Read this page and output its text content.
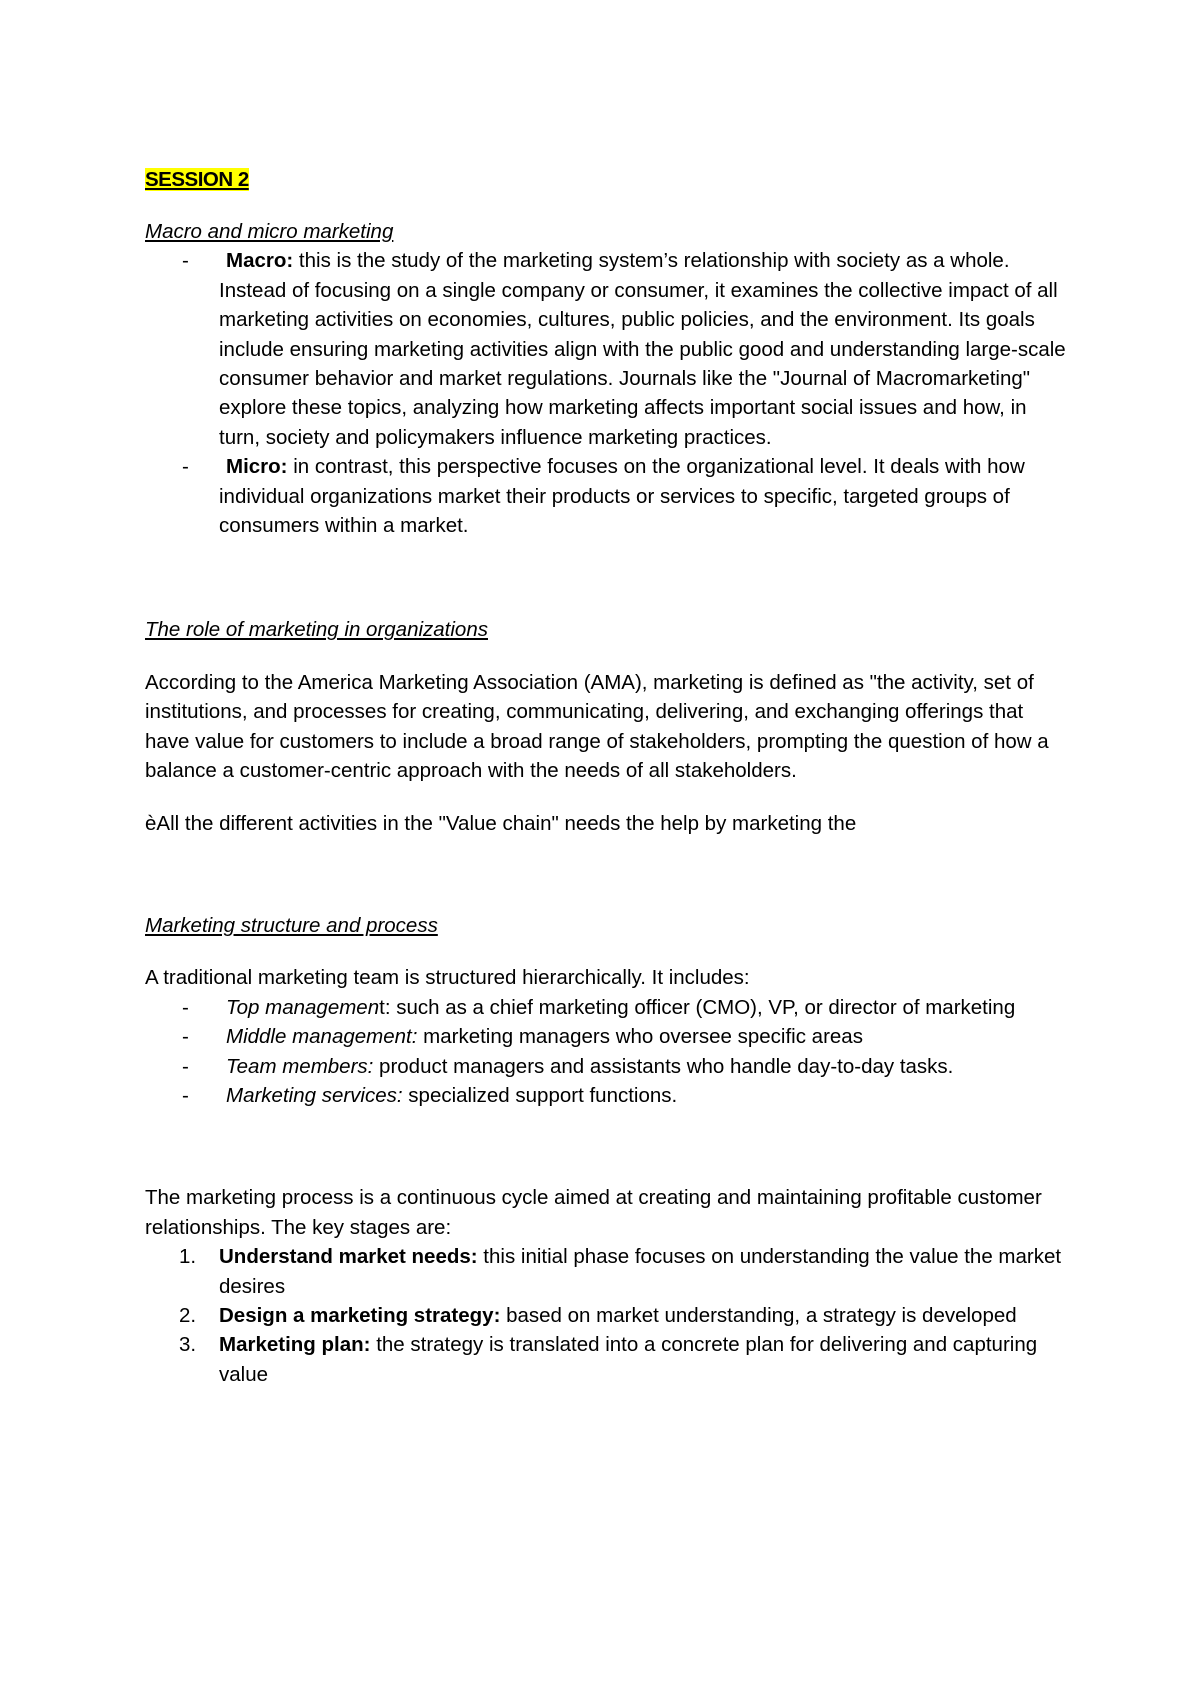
SESSION 2

Macro and micro marketing

-	Macro: this is the study of the marketing system’s relationship with society as a whole. Instead of focusing on a single company or consumer, it examines the collective impact of all marketing activities on economies, cultures, public policies, and the environment. Its goals include ensuring marketing activities align with the public good and understanding large-scale consumer behavior and market regulations. Journals like the "Journal of Macromarketing" explore these topics, analyzing how marketing affects important social issues and how, in turn, society and policymakers influence marketing practices.
-	Micro: in contrast, this perspective focuses on the organizational level. It deals with how individual organizations market their products or services to specific, targeted groups of consumers within a market.

The role of marketing in organizations

According to the America Marketing Association (AMA), marketing is defined as "the activity, set of institutions, and processes for creating, communicating, delivering, and exchanging offerings that have value for customers to include a broad range of stakeholders, prompting the question of how a balance a customer-centric approach with the needs of all stakeholders.

èAll the different activities in the "Value chain" needs the help by marketing the

Marketing structure and process

A traditional marketing team is structured hierarchically. It includes:

-	Top management: such as a chief marketing officer (CMO), VP, or director of marketing
-	Middle management: marketing managers who oversee specific areas
-	Team members: product managers and assistants who handle day-to-day tasks.
-	Marketing services: specialized support functions.

The marketing process is a continuous cycle aimed at creating and maintaining profitable customer relationships. The key stages are:

1. Understand market needs: this initial phase focuses on understanding the value the market desires
2. Design a marketing strategy: based on market understanding, a strategy is developed
3. Marketing plan: the strategy is translated into a concrete plan for delivering and capturing value
